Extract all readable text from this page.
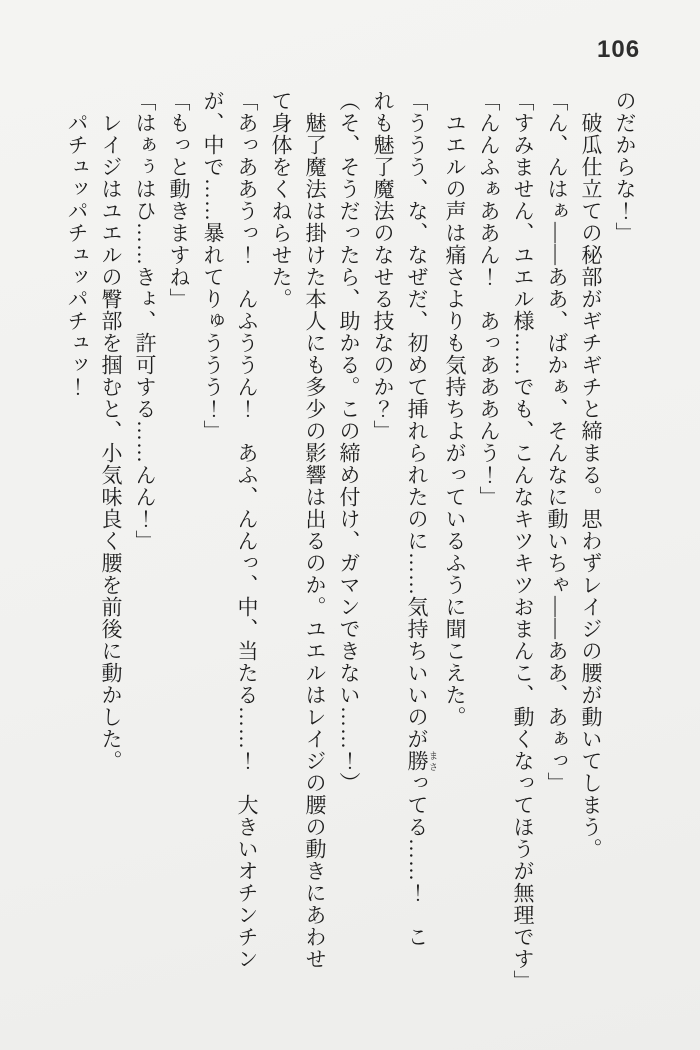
106
のだからな！」
破瓜仕立ての秘部がギチギチと締まる。思わずレイジの腰が動いてしまう。
「ん、んはぁ――ああ、ばかぁ、そんなに動いちゃ――ああ、あぁっ」
「すみません、ユエル様……でも、こんなキツキツおまんこ、動くなってほうが無理です」
「んんふぁああん！　あっあああんう！」
ユエルの声は痛さよりも気持ちよがっているふうに聞こえた。
「ううう、な、なぜだ、初めて挿れられたのに……気持ちいいのが勝 まさってる……！　こ
れも魅了魔法のなせる技なのか？」
（そ、そうだったら、助かる。この締め付け、ガマンできない……！）
魅了魔法は掛けた本人にも多少の影響は出るのか。ユエルはレイジの腰の動きにあわせ
て身体をくねらせた。
「あっああうっ！　んふううん！　あふ、んんっ、中、当たる……！　大きいオチンチン
が、中で……暴れてりゅううう！」
「もっと動きますね」
「はぁぅはひ……きょ、許可する……んん！」
レイジはユエルの臀部を掴むと、小気味良く腰を前後に動かした。
パチュッパチュッパチュッ！
